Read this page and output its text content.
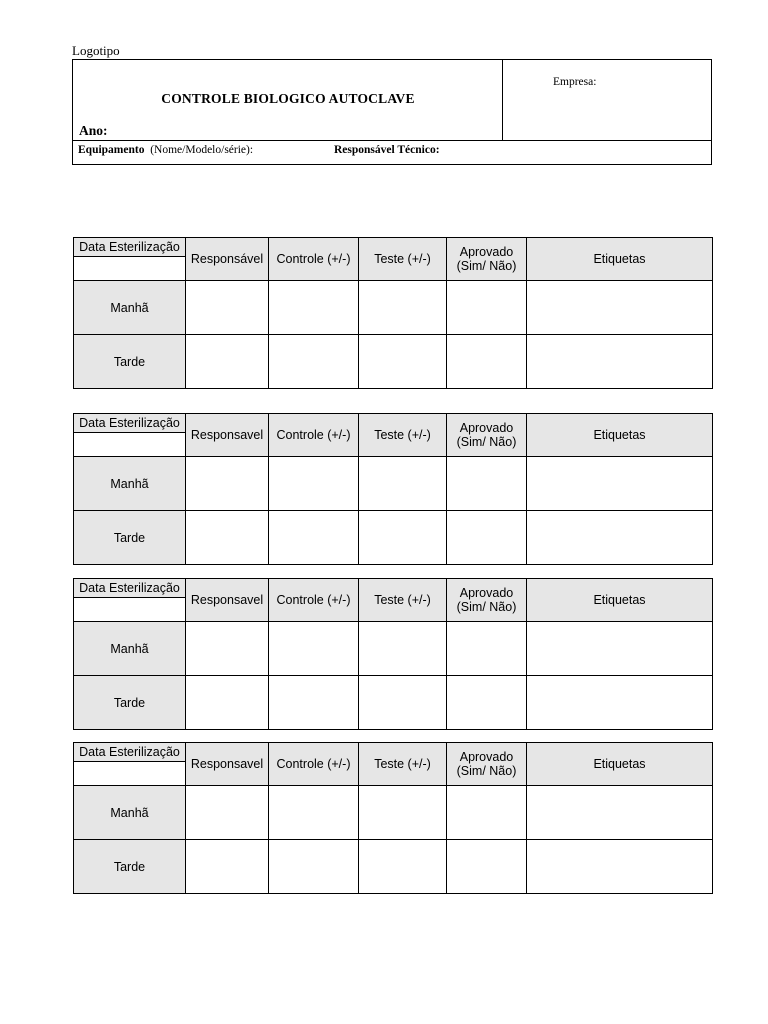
Logotipo
CONTROLE BIOLOGICO AUTOCLAVE
Ano:
Empresa:
Equipamento (Nome/Modelo/série):	Responsável Técnico:
Data Esterilização	Responsável	Controle (+/-)	Teste (+/-)	Aprovado (Sim/ Não)	Etiquetas

Manhã					
Tarde					
Data Esterilização	Responsavel	Controle (+/-)	Teste (+/-)	Aprovado (Sim/ Não)	Etiquetas

Manhã					
Tarde					
Data Esterilização	Responsavel	Controle (+/-)	Teste (+/-)	Aprovado (Sim/ Não)	Etiquetas

Manhã					
Tarde					
Data Esterilização	Responsavel	Controle (+/-)	Teste (+/-)	Aprovado (Sim/ Não)	Etiquetas

Manhã					
Tarde					
